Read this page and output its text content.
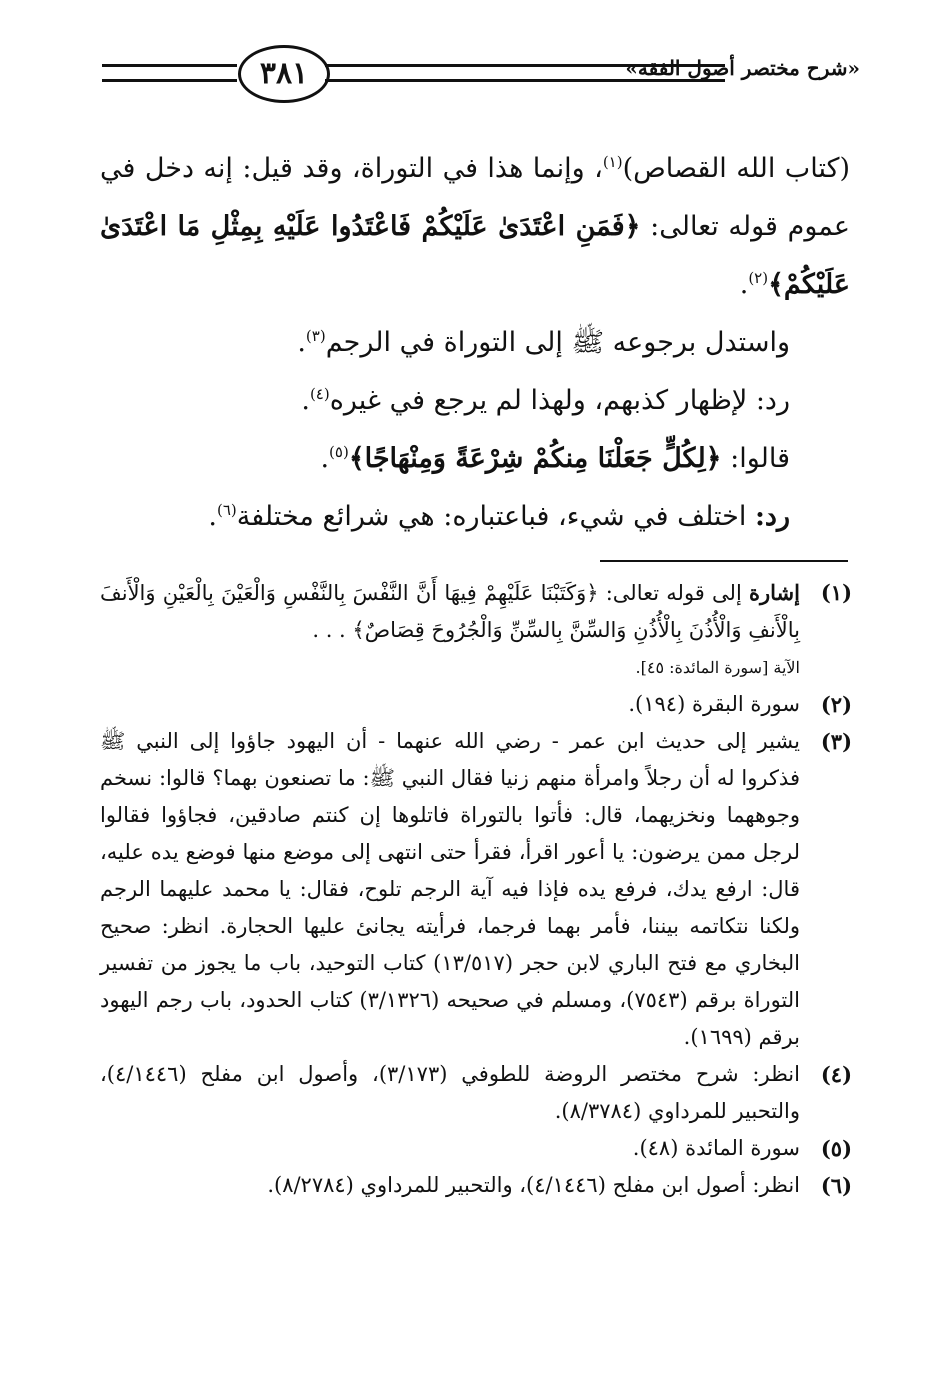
٣٨١	«شرح مختصر أصول الفقه»

(كتاب الله القصاص)$^{(١)}$، وإنما هذا في التوراة، وقد قيل: إنه دخل في عموم قوله تعالى: ﴿فَمَنِ اعْتَدَىٰ عَلَيْكُمْ فَاعْتَدُوا عَلَيْهِ بِمِثْلِ مَا اعْتَدَىٰ عَلَيْكُمْ﴾$^{(٢)}$.

واستدل برجوعه ﷺ إلى التوراة في الرجم$^{(٣)}$.

رد: لإظهار كذبهم، ولهذا لم يرجع في غيره$^{(٤)}$.

قالوا: ﴿لِكُلٍّ جَعَلْنَا مِنكُمْ شِرْعَةً وَمِنْهَاجًا﴾$^{(٥)}$.

رد: اختلف في شيء، فباعتباره: هي شرائع مختلفة$^{(٦)}$.

(١)
إشارة إلى قوله تعالى: ﴿وَكَتَبْنَا عَلَيْهِمْ فِيهَا أَنَّ النَّفْسَ بِالنَّفْسِ وَالْعَيْنَ بِالْعَيْنِ وَالْأَنفَ بِالْأَنفِ وَالْأُذُنَ بِالْأُذُنِ وَالسِّنَّ بِالسِّنِّ وَالْجُرُوحَ قِصَاصٌ﴾ . . .
الآية [سورة المائدة: ٤٥].
(٢)
سورة البقرة (١٩٤).
(٣)
يشير إلى حديث ابن عمر - رضي الله عنهما - أن اليهود جاؤوا إلى النبي ﷺ فذكروا له أن رجلاً وامرأة منهم زنيا فقال النبي ﷺ: ما تصنعون بهما؟ قالوا: نسخم وجوههما ونخزيهما، قال: فأتوا بالتوراة فاتلوها إن كنتم صادقين، فجاؤوا فقالوا لرجل ممن يرضون: يا أعور اقرأ، فقرأ حتى انتهى إلى موضع منها فوضع يده عليه، قال: ارفع يدك، فرفع يده فإذا فيه آية الرجم تلوح، فقال: يا محمد عليهما الرجم ولكنا نتكاتمه بيننا، فأمر بهما فرجما، فرأيته يجانئ عليها الحجارة. انظر: صحيح البخاري مع فتح الباري لابن حجر (١٣/٥١٧) كتاب التوحيد، باب ما يجوز من تفسير التوراة برقم (٧٥٤٣)، ومسلم في صحيحه (٣/١٣٢٦) كتاب الحدود، باب رجم اليهود برقم (١٦٩٩).
(٤)
انظر: شرح مختصر الروضة للطوفي (٣/١٧٣)، وأصول ابن مفلح (٤/١٤٤٦)، والتحبير للمرداوي (٨/٣٧٨٤).
(٥)
سورة المائدة (٤٨).
(٦)
انظر: أصول ابن مفلح (٤/١٤٤٦)، والتحبير للمرداوي (٨/٢٧٨٤).
